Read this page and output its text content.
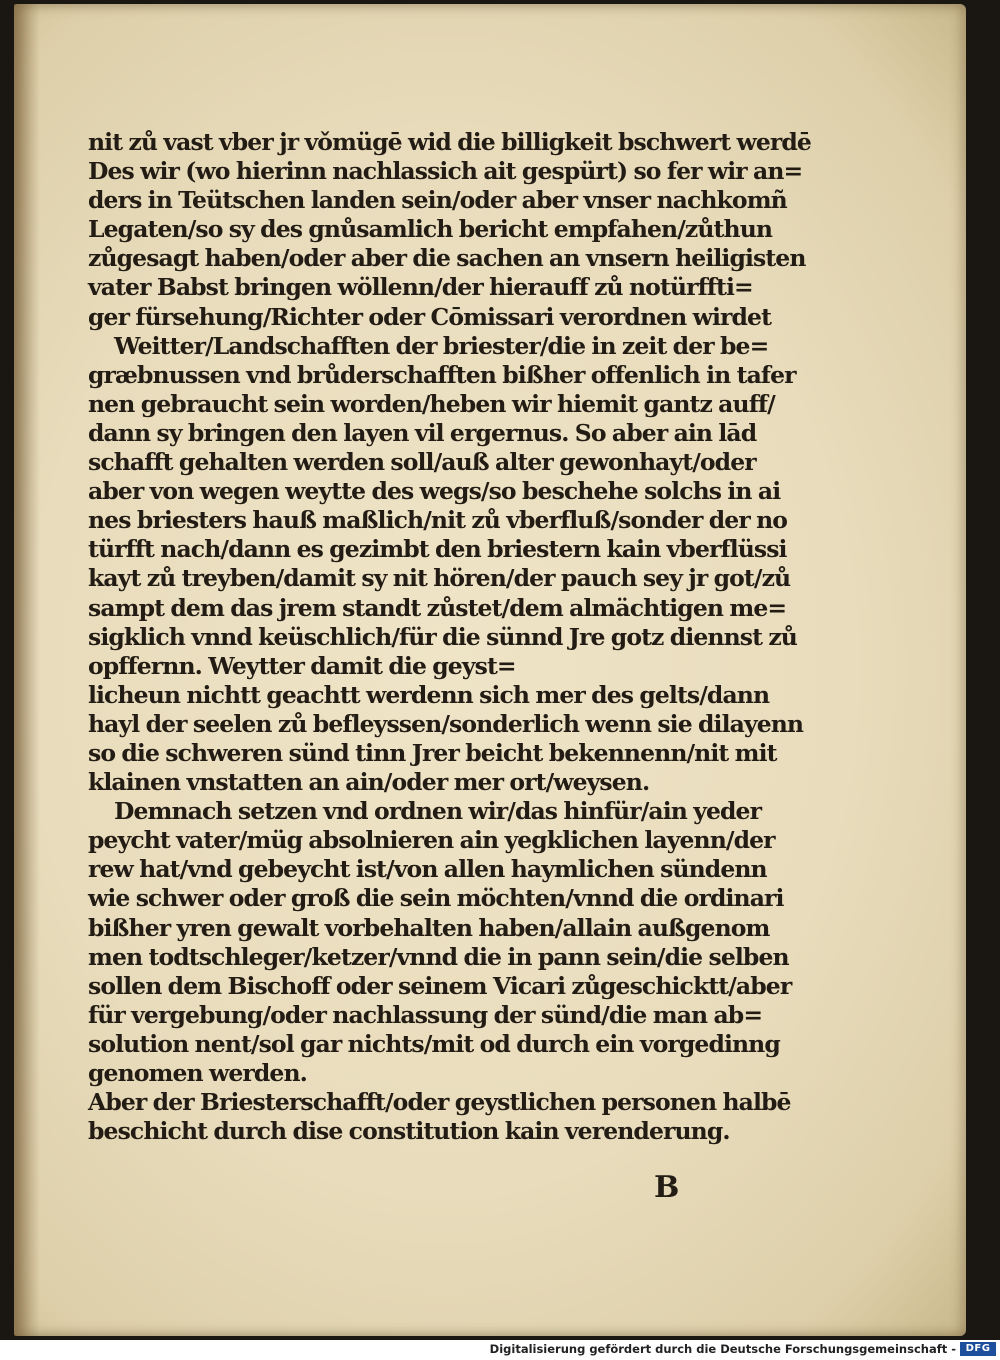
nit zů vast vber jr vǒmügē wid die billigkeit bschwert werdē
Des wir (wo hierinn nachlassich ait gespürt) so fer wir an=
ders in Teütschen landen sein/oder aber vnser nachkomñ
Legaten/so sy des gnůsamlich bericht empfahen/zůthun
zůgesagt haben/oder aber die sachen an vnsern heiligisten
vater Babst bringen wöllenn/der hierauff zů notürffti=
ger fürsehung/Richter oder Cōmissari verordnen wirdet
Weitter/Landschafften der briester/die in zeit der be=
græbnussen vnd brůderschafften bißher offenlich in tafer
nen gebraucht sein worden/heben wir hiemit gantz auff/
dann sy bringen den layen vil ergernus. So aber ain lād
schafft gehalten werden soll/auß alter gewonhayt/oder
aber von wegen weytte des wegs/so beschehe solchs in ai
nes briesters hauß maßlich/nit zů vberfluß/sonder der no
türfft nach/dann es gezimbt den briestern kain vberflüssi
kayt zů treyben/damit sy nit hören/der pauch sey jr got/zů
sampt dem das jrem standt zůstet/dem almächtigen me=
sigklich vnnd keüschlich/für die sünnd Jre gotz diennst zů
opffernn. Weytter damit die geyst=
licheun nichtt geachtt werdenn sich mer des gelts/dann
hayl der seelen zů befleyssen/sonderlich wenn sie dilayenn
so die schweren sünd tinn Jrer beicht bekennenn/nit mit
klainen vnstatten an ain/oder mer ort/weysen.
Demnach setzen vnd ordnen wir/das hinfür/ain yeder
peycht vater/müg absolnieren ain yegklichen layenn/der
rew hat/vnd gebeycht ist/von allen haymlichen sündenn
wie schwer oder groß die sein möchten/vnnd die ordinari
bißher yren gewalt vorbehalten haben/allain außgenom
men todtschleger/ketzer/vnnd die in pann sein/die selben
sollen dem Bischoff oder seinem Vicari zůgeschicktt/aber
für vergebung/oder nachlassung der sünd/die man ab=
solution nent/sol gar nichts/mit od durch ein vorgedinng
genomen werden.
Aber der Briesterschafft/oder geystlichen personen halbē
beschicht durch dise constitution kain verenderung.
B
Digitalisierung gefördert durch die Deutsche Forschungsgemeinschaft - DFG
